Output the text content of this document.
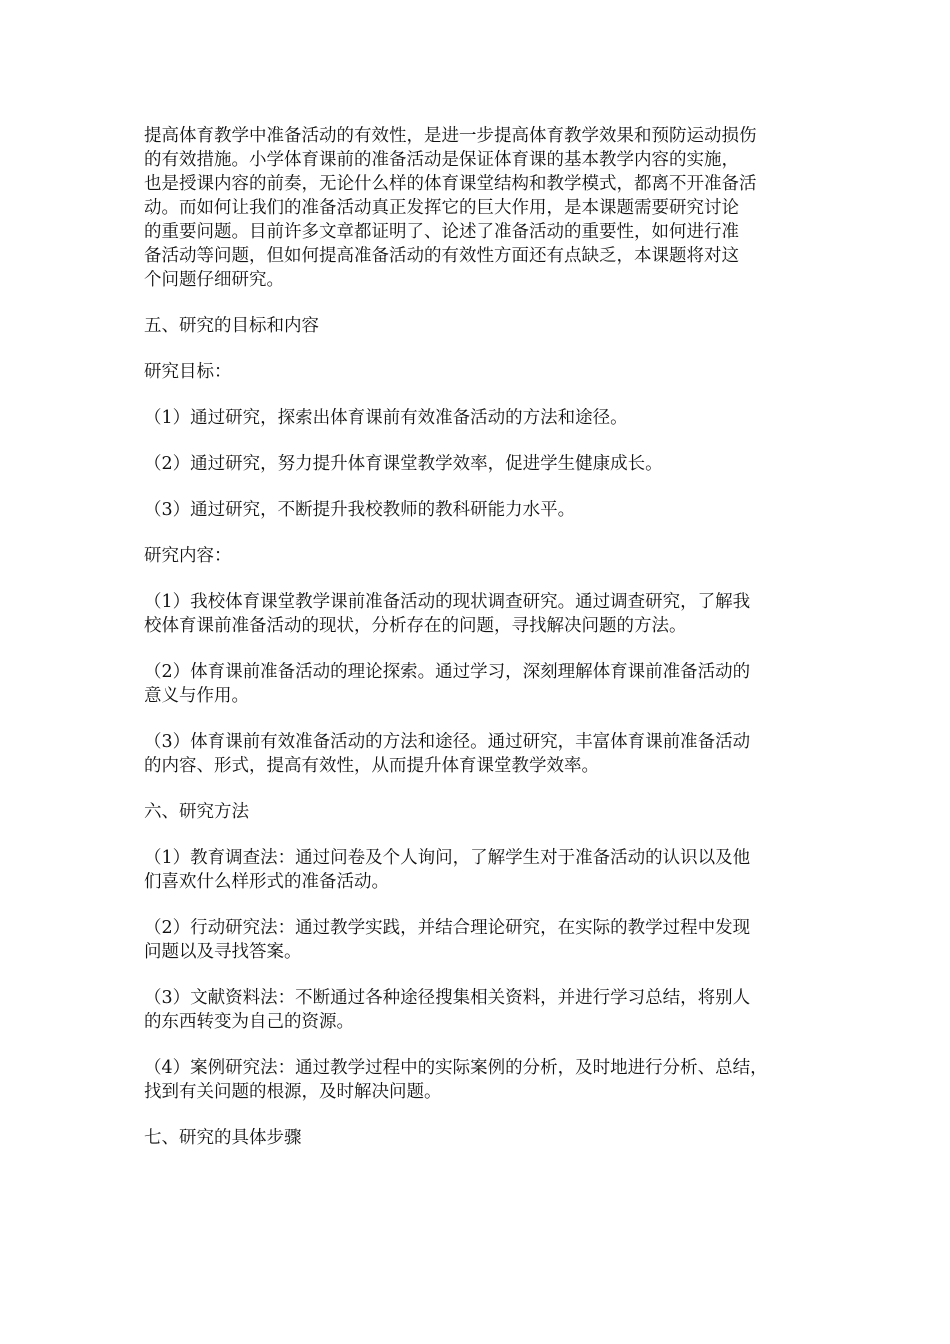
提高体育教学中准备活动的有效性，是进一步提高体育教学效果和预防运动损伤
的有效措施。小学体育课前的准备活动是保证体育课的基本教学内容的实施，
也是授课内容的前奏，无论什么样的体育课堂结构和教学模式，都离不开准备活
动。而如何让我们的准备活动真正发挥它的巨大作用，是本课题需要研究讨论
的重要问题。目前许多文章都证明了、论述了准备活动的重要性，如何进行准
备活动等问题，但如何提高准备活动的有效性方面还有点缺乏，本课题将对这
个问题仔细研究。
五、研究的目标和内容
研究目标：
（1）通过研究，探索出体育课前有效准备活动的方法和途径。
（2）通过研究，努力提升体育课堂教学效率，促进学生健康成长。
（3）通过研究，不断提升我校教师的教科研能力水平。
研究内容：
（1）我校体育课堂教学课前准备活动的现状调查研究。通过调查研究，了解我
校体育课前准备活动的现状，分析存在的问题，寻找解决问题的方法。
（2）体育课前准备活动的理论探索。通过学习，深刻理解体育课前准备活动的
意义与作用。
（3）体育课前有效准备活动的方法和途径。通过研究，丰富体育课前准备活动
的内容、形式，提高有效性，从而提升体育课堂教学效率。
六、研究方法
（1）教育调查法：通过问卷及个人询问，了解学生对于准备活动的认识以及他
们喜欢什么样形式的准备活动。
（2）行动研究法：通过教学实践，并结合理论研究，在实际的教学过程中发现
问题以及寻找答案。
（3）文献资料法：不断通过各种途径搜集相关资料，并进行学习总结，将别人
的东西转变为自己的资源。
（4）案例研究法：通过教学过程中的实际案例的分析，及时地进行分析、总结，
找到有关问题的根源，及时解决问题。
七、研究的具体步骤
